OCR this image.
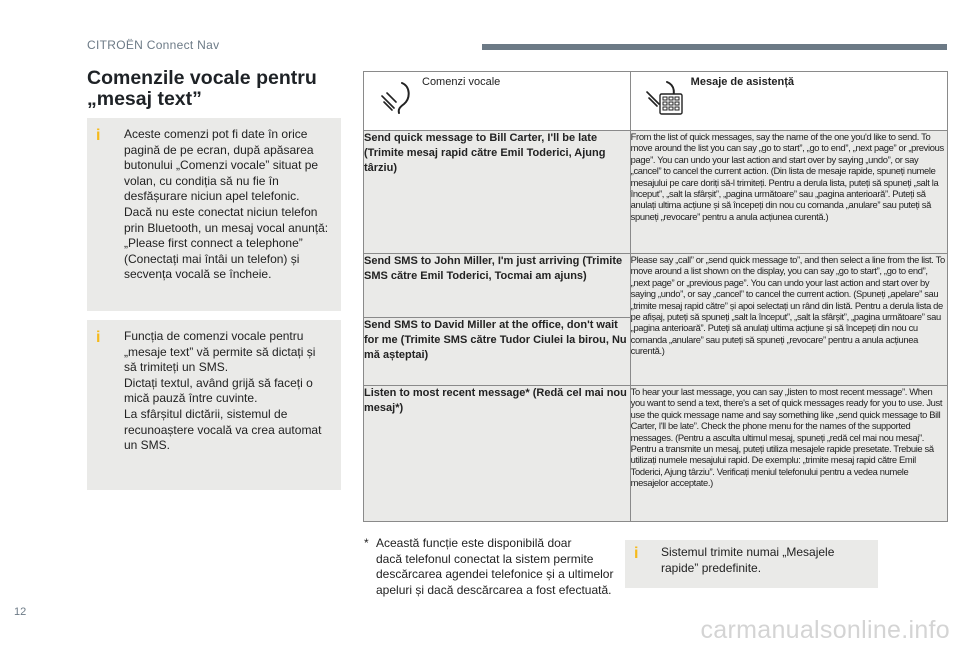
CITROËN Connect Nav
Comenzile vocale pentru
„mesaj text”
i Aceste comenzi pot fi date în orice pagină de pe ecran, după apăsarea butonului „Comenzi vocale” situat pe volan, cu condiția să nu fie în desfășurare niciun apel telefonic.

Dacă nu este conectat niciun telefon prin Bluetooth, un mesaj vocal anunță: „Please first connect a telephone” (Conectați mai întâi un telefon) și secvența vocală se încheie.

i Funcția de comenzi vocale pentru „mesaje text” vă permite să dictați și să trimiteți un SMS.

Dictați textul, având grijă să faceți o mică pauză între cuvinte.

La sfârșitul dictării, sistemul de recunoaștere vocală va crea automat un SMS.

Comenzi vocale	Mesaje de asistență

Send quick message to Bill Carter, I'll be late (Trimite mesaj rapid către Emil Toderici, Ajung târziu)	From the list of quick messages, say the name of the one you'd like to send. To move around the list you can say „go to start”, „go to end”, „next page” or „previous page”. You can undo your last action and start over by saying „undo”, or say „cancel” to cancel the current action. (Din lista de mesaje rapide, spuneți numele mesajului pe care doriți să-l trimiteți. Pentru a derula lista, puteți să spuneți „salt la început”, „salt la sfârșit”, „pagina următoare” sau „pagina anterioară”. Puteți să anulați ultima acțiune și să începeți din nou cu comanda „anulare” sau puteți să spuneți „revocare” pentru a anula acțiunea curentă.)
Send SMS to John Miller, I'm just arriving (Trimite SMS către Emil Toderici, Tocmai am ajuns)	Please say „call” or „send quick message to”, and then select a line from the list. To move around a list shown on the display, you can say „go to start”, „go to end”, „next page” or „previous page”. You can undo your last action and start over by saying „undo”, or say „cancel” to cancel the current action. (Spuneți „apelare” sau „trimite mesaj rapid către” și apoi selectați un rând din listă. Pentru a derula lista de pe afișaj, puteți să spuneți „salt la început”, „salt la sfârșit”, „pagina următoare” sau „pagina anterioară”. Puteți să anulați ultima acțiune și să începeți din nou cu comanda „anulare” sau puteți să spuneți „revocare” pentru a anula acțiunea curentă.)
Send SMS to David Miller at the office, don't wait for me (Trimite SMS către Tudor Ciulei la birou, Nu mă așteptai)	
Listen to most recent message* (Redă cel mai nou mesaj*)	To hear your last message, you can say „listen to most recent message”. When you want to send a text, there's a set of quick messages ready for you to use. Just use the quick message name and say something like „send quick message to Bill Carter, I'll be late”. Check the phone menu for the names of the supported messages. (Pentru a asculta ultimul mesaj, spuneți „redă cel mai nou mesaj”. Pentru a transmite un mesaj, puteți utiliza mesajele rapide presetate. Trebuie să utilizați numele mesajului rapid. De exemplu: „trimite mesaj rapid către Emil Toderici, Ajung târziu”. Verificați meniul telefonului pentru a vedea numele mesajelor acceptate.)
* Această funcție este disponibilă doar
dacă telefonul conectat la sistem permite
descărcarea agendei telefonice și a ultimelor
apeluri și dacă descărcarea a fost efectuată.
i Sistemul trimite numai „Mesajele rapide” predefinite.
12
carmanualsonline.info
